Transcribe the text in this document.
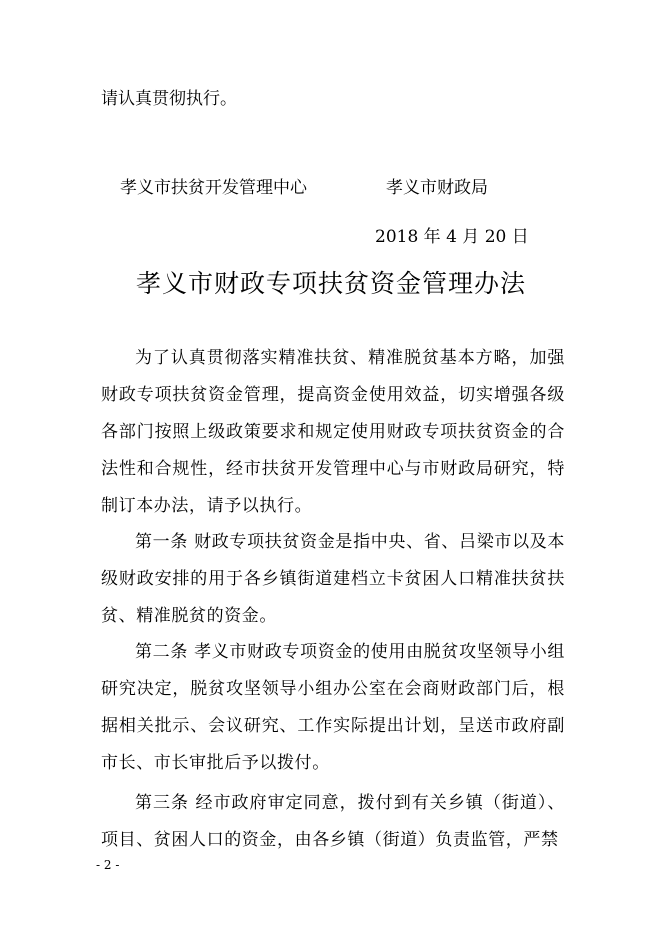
请认真贯彻执行。
孝义市扶贫开发管理中心	孝义市财政局
2018 年 4 月 20 日
孝义市财政专项扶贫资金管理办法
为了认真贯彻落实精准扶贫、精准脱贫基本方略，加强财政专项扶贫资金管理，提高资金使用效益，切实增强各级各部门按照上级政策要求和规定使用财政专项扶贫资金的合法性和合规性，经市扶贫开发管理中心与市财政局研究，特制订本办法，请予以执行。
第一条 财政专项扶贫资金是指中央、省、吕梁市以及本级财政安排的用于各乡镇街道建档立卡贫困人口精准扶贫扶贫、精准脱贫的资金。
第二条 孝义市财政专项资金的使用由脱贫攻坚领导小组研究决定，脱贫攻坚领导小组办公室在会商财政部门后，根据相关批示、会议研究、工作实际提出计划，呈送市政府副市长、市长审批后予以拨付。
第三条 经市政府审定同意，拨付到有关乡镇（街道）、项目、贫困人口的资金，由各乡镇（街道）负责监管，严禁
- 2 -
